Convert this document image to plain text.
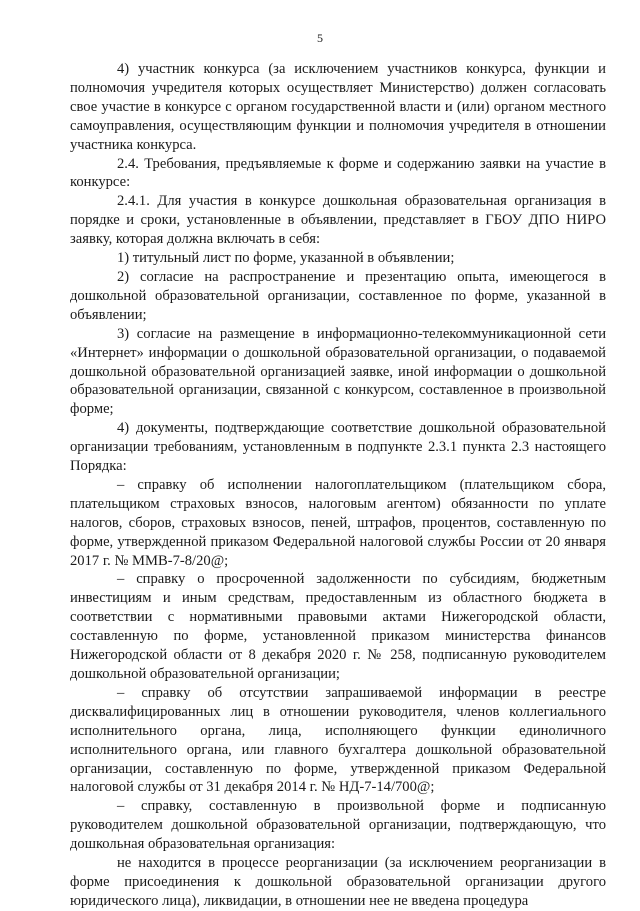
5

4) участник конкурса (за исключением участников конкурса, функции и полномочия учредителя которых осуществляет Министерство) должен согласовать свое участие в конкурсе с органом государственной власти и (или) органом местного самоуправления, осуществляющим функции и полномочия учредителя в отношении участника конкурса.

2.4. Требования, предъявляемые к форме и содержанию заявки на участие в конкурсе:

2.4.1. Для участия в конкурсе дошкольная образовательная организация в порядке и сроки, установленные в объявлении, представляет в ГБОУ ДПО НИРО заявку, которая должна включать в себя:

1) титульный лист по форме, указанной в объявлении;

2) согласие на распространение и презентацию опыта, имеющегося в дошкольной образовательной организации, составленное по форме, указанной в объявлении;

3) согласие на размещение в информационно-телекоммуникационной сети «Интернет» информации о дошкольной образовательной организации, о подаваемой дошкольной образовательной организацией заявке, иной информации о дошкольной образовательной организации, связанной с конкурсом, составленное в произвольной форме;

4) документы, подтверждающие соответствие дошкольной образовательной организации требованиям, установленным в подпункте 2.3.1 пункта 2.3 настоящего Порядка:

– справку об исполнении налогоплательщиком (плательщиком сбора, плательщиком страховых взносов, налоговым агентом) обязанности по уплате налогов, сборов, страховых взносов, пеней, штрафов, процентов, составленную по форме, утвержденной приказом Федеральной налоговой службы России от 20 января 2017 г. № ММВ-7-8/20@;

– справку о просроченной задолженности по субсидиям, бюджетным инвестициям и иным средствам, предоставленным из областного бюджета в соответствии с нормативными правовыми актами Нижегородской области, составленную по форме, установленной приказом министерства финансов Нижегородской области от 8 декабря 2020 г. № 258, подписанную руководителем дошкольной образовательной организации;

– справку об отсутствии запрашиваемой информации в реестре дисквалифицированных лиц в отношении руководителя, членов коллегиального исполнительного органа, лица, исполняющего функции единоличного исполнительного органа, или главного бухгалтера дошкольной образовательной организации, составленную по форме, утвержденной приказом Федеральной налоговой службы от 31 декабря 2014 г. № НД-7-14/700@;

– справку, составленную в произвольной форме и подписанную руководителем дошкольной образовательной организации, подтверждающую, что дошкольная образовательная организация:

не находится в процессе реорганизации (за исключением реорганизации в форме присоединения к дошкольной образовательной организации другого юридического лица), ликвидации, в отношении нее не введена процедура
